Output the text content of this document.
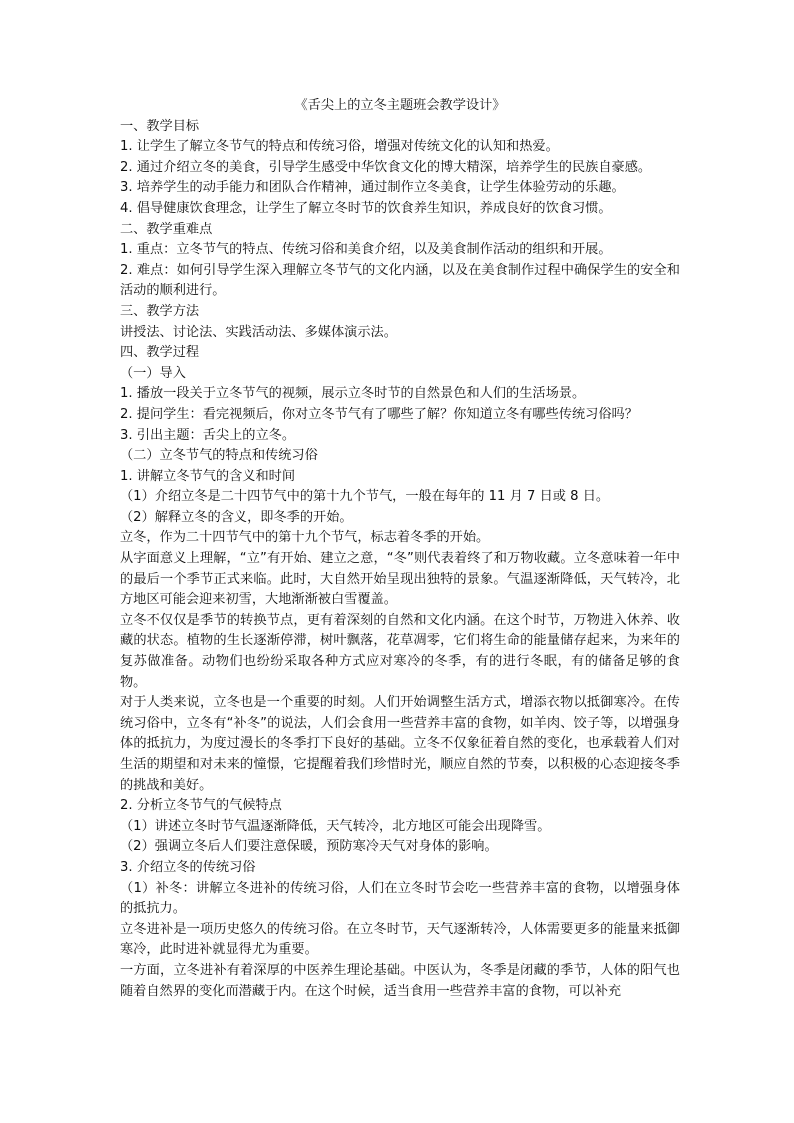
《舌尖上的立冬主题班会教学设计》

一、教学目标

1. 让学生了解立冬节气的特点和传统习俗，增强对传统文化的认知和热爱。

2. 通过介绍立冬的美食，引导学生感受中华饮食文化的博大精深，培养学生的民族自豪感。

3. 培养学生的动手能力和团队合作精神，通过制作立冬美食，让学生体验劳动的乐趣。

4. 倡导健康饮食理念，让学生了解立冬时节的饮食养生知识，养成良好的饮食习惯。

二、教学重难点

1. 重点：立冬节气的特点、传统习俗和美食介绍，以及美食制作活动的组织和开展。

2. 难点：如何引导学生深入理解立冬节气的文化内涵，以及在美食制作过程中确保学生的安全和活动的顺利进行。

三、教学方法

讲授法、讨论法、实践活动法、多媒体演示法。

四、教学过程

（一）导入

1. 播放一段关于立冬节气的视频，展示立冬时节的自然景色和人们的生活场景。

2. 提问学生：看完视频后，你对立冬节气有了哪些了解？你知道立冬有哪些传统习俗吗？

3. 引出主题：舌尖上的立冬。

（二）立冬节气的特点和传统习俗

1. 讲解立冬节气的含义和时间

（1）介绍立冬是二十四节气中的第十九个节气，一般在每年的 11 月 7 日或 8 日。

（2）解释立冬的含义，即冬季的开始。

立冬，作为二十四节气中的第十九个节气，标志着冬季的开始。

从字面意义上理解，“立”有开始、建立之意，“冬”则代表着终了和万物收藏。立冬意味着一年中的最后一个季节正式来临。此时，大自然开始呈现出独特的景象。气温逐渐降低，天气转冷，北方地区可能会迎来初雪，大地渐渐被白雪覆盖。

立冬不仅仅是季节的转换节点，更有着深刻的自然和文化内涵。在这个时节，万物进入休养、收藏的状态。植物的生长逐渐停滞，树叶飘落，花草凋零，它们将生命的能量储存起来，为来年的复苏做准备。动物们也纷纷采取各种方式应对寒冷的冬季，有的进行冬眠，有的储备足够的食物。

对于人类来说，立冬也是一个重要的时刻。人们开始调整生活方式，增添衣物以抵御寒冷。在传统习俗中，立冬有“补冬”的说法，人们会食用一些营养丰富的食物，如羊肉、饺子等，以增强身体的抵抗力，为度过漫长的冬季打下良好的基础。立冬不仅象征着自然的变化，也承载着人们对生活的期望和对未来的憧憬，它提醒着我们珍惜时光，顺应自然的节奏，以积极的心态迎接冬季的挑战和美好。

2. 分析立冬节气的气候特点

（1）讲述立冬时节气温逐渐降低，天气转冷，北方地区可能会出现降雪。

（2）强调立冬后人们要注意保暖，预防寒冷天气对身体的影响。

3. 介绍立冬的传统习俗

（1）补冬：讲解立冬进补的传统习俗，人们在立冬时节会吃一些营养丰富的食物，以增强身体的抵抗力。

立冬进补是一项历史悠久的传统习俗。在立冬时节，天气逐渐转冷，人体需要更多的能量来抵御寒冷，此时进补就显得尤为重要。

一方面，立冬进补有着深厚的中医养生理论基础。中医认为，冬季是闭藏的季节，人体的阳气也随着自然界的变化而潜藏于内。在这个时候，适当食用一些营养丰富的食物，可以补充
